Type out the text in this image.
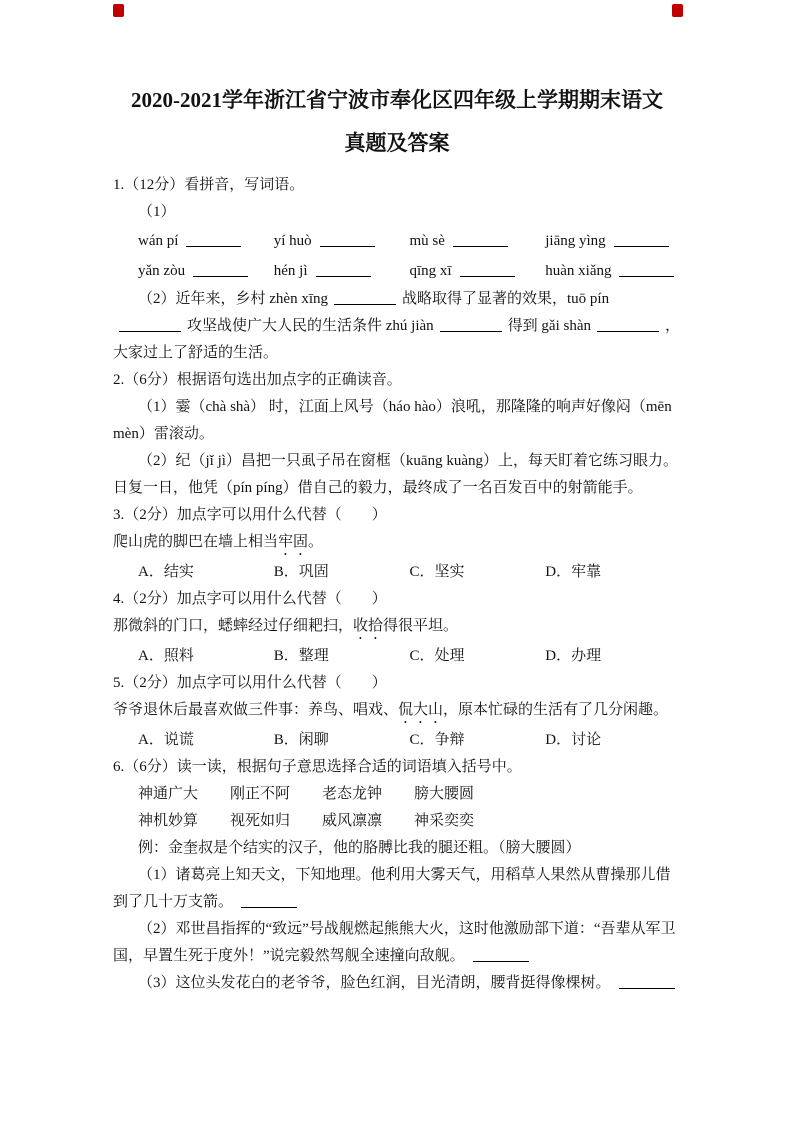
2020-2021学年浙江省宁波市奉化区四年级上学期期末语文
真题及答案

1.（12分）看拼音，写词语。

（1）

wán pí	yí huò	mù sè	jiāng yìng
yǎn zòu	hén jì	qīng xī	huàn xiǎng

（2）近年来，乡村 zhèn xīng	战略取得了显著的效果，tuō pín攻坚战使广大人民的生活条件 zhú jiàn	得到 gǎi shàn	，大家过上了舒适的生活。

2.（6分）根据语句选出加点字的正确读音。

（1）霎（chà shà） 时，江面上风号（háo hào）浪吼，那隆隆的响声好像闷（mēn mèn）雷滚动。

（2）纪（jǐ jì）昌把一只虱子吊在窗框（kuāng kuàng）上，每天盯着它练习眼力。日复一日，他凭（pín píng）借自己的毅力，最终成了一名百发百中的射箭能手。

3.（2分）加点字可以用什么代替（　　）

爬山虎的脚巴在墙上相当牢固。

A．结实	B．巩固	C．坚实	D．牢靠

4.（2分）加点字可以用什么代替（　　）

那微斜的门口，蟋蟀经过仔细耙扫，收拾得很平坦。

A．照料	B．整理	C．处理	D．办理

5.（2分）加点字可以用什么代替（　　）

爷爷退休后最喜欢做三件事：养鸟、唱戏、侃大山，原本忙碌的生活有了几分闲趣。

A．说谎	B．闲聊	C．争辩	D．讨论

6.（6分）读一读，根据句子意思选择合适的词语填入括号中。

神通广大	刚正不阿	老态龙钟	膀大腰圆
神机妙算	视死如归	威风凛凛	神采奕奕

例：金奎叔是个结实的汉子，他的胳膊比我的腿还粗。（膀大腰圆）

（1）诸葛亮上知天文，下知地理。他利用大雾天气，用稻草人果然从曹操那儿借到了几十万支箭。

（2）邓世昌指挥的“致远”号战舰燃起熊熊大火，这时他激励部下道：“吾辈从军卫国，早置生死于度外！”说完毅然驾舰全速撞向敌舰。

（3）这位头发花白的老爷爷，脸色红润，目光清朗，腰背挺得像棵树。
